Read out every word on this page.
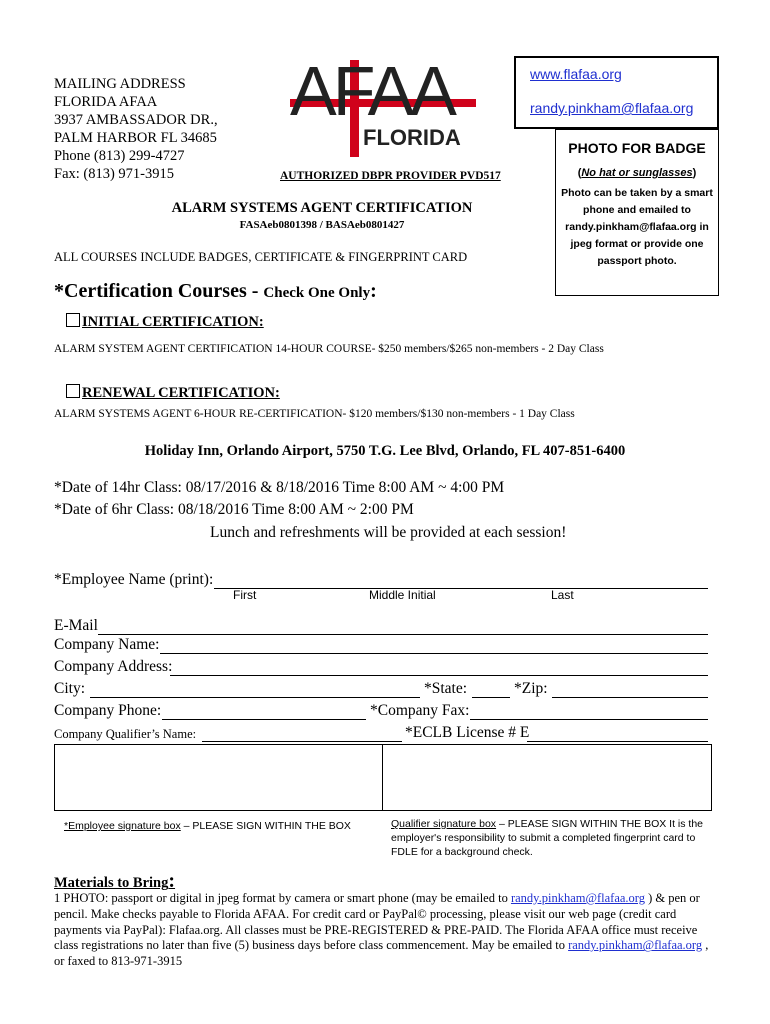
MAILING ADDRESS
FLORIDA AFAA
3937 AMBASSADOR DR.,
PALM HARBOR FL 34685
Phone (813) 299-4727
Fax: (813) 971-3915
AFAA
FLORIDA
AUTHORIZED DBPR PROVIDER PVD517
www.flafaa.org
randy.pinkham@flafaa.org
PHOTO FOR BADGE
(No hat or sunglasses)
Photo can be taken by a smart
phone and emailed to
randy.pinkham@flafaa.org in
jpeg format or provide one
passport photo.
ALARM SYSTEMS AGENT CERTIFICATION
FASAeb0801398 / BASAeb0801427
ALL COURSES INCLUDE BADGES, CERTIFICATE & FINGERPRINT CARD
*Certification Courses - Check One Only:
INITIAL CERTIFICATION:
ALARM SYSTEM AGENT CERTIFICATION 14-HOUR COURSE- $250 members/$265 non-members - 2 Day Class
RENEWAL CERTIFICATION:
ALARM SYSTEMS AGENT 6-HOUR RE-CERTIFICATION- $120 members/$130 non-members - 1 Day Class
Holiday Inn, Orlando Airport, 5750 T.G. Lee Blvd, Orlando, FL 407-851-6400
*Date of 14hr Class: 08/17/2016 & 8/18/2016 Time 8:00 AM ~ 4:00 PM
*Date of 6hr Class: 08/18/2016 Time 8:00 AM ~ 2:00 PM
Lunch and refreshments will be provided at each session!
*Employee Name (print):
First	Middle Initial	Last
E-Mail
Company Name:
Company Address:
City:	*State:	*Zip:
Company Phone:	*Company Fax:
Company Qualifier’s Name:	*ECLB License # E
*Employee signature box – PLEASE SIGN WITHIN THE BOX	Qualifier signature box – PLEASE SIGN WITHIN THE BOX It is the employer's responsibility to submit a completed fingerprint card to FDLE for a background check.
Materials to Bring:
1 PHOTO: passport or digital in jpeg format by camera or smart phone (may be emailed to randy.pinkham@flafaa.org ) & pen or pencil. Make checks payable to Florida AFAA. For credit card or PayPal© processing, please visit our web page (credit card payments via PayPal): Flafaa.org. All classes must be PRE-REGISTERED & PRE-PAID. The Florida AFAA office must receive class registrations no later than five (5) business days before class commencement. May be emailed to randy.pinkham@flafaa.org , or faxed to 813-971-3915
